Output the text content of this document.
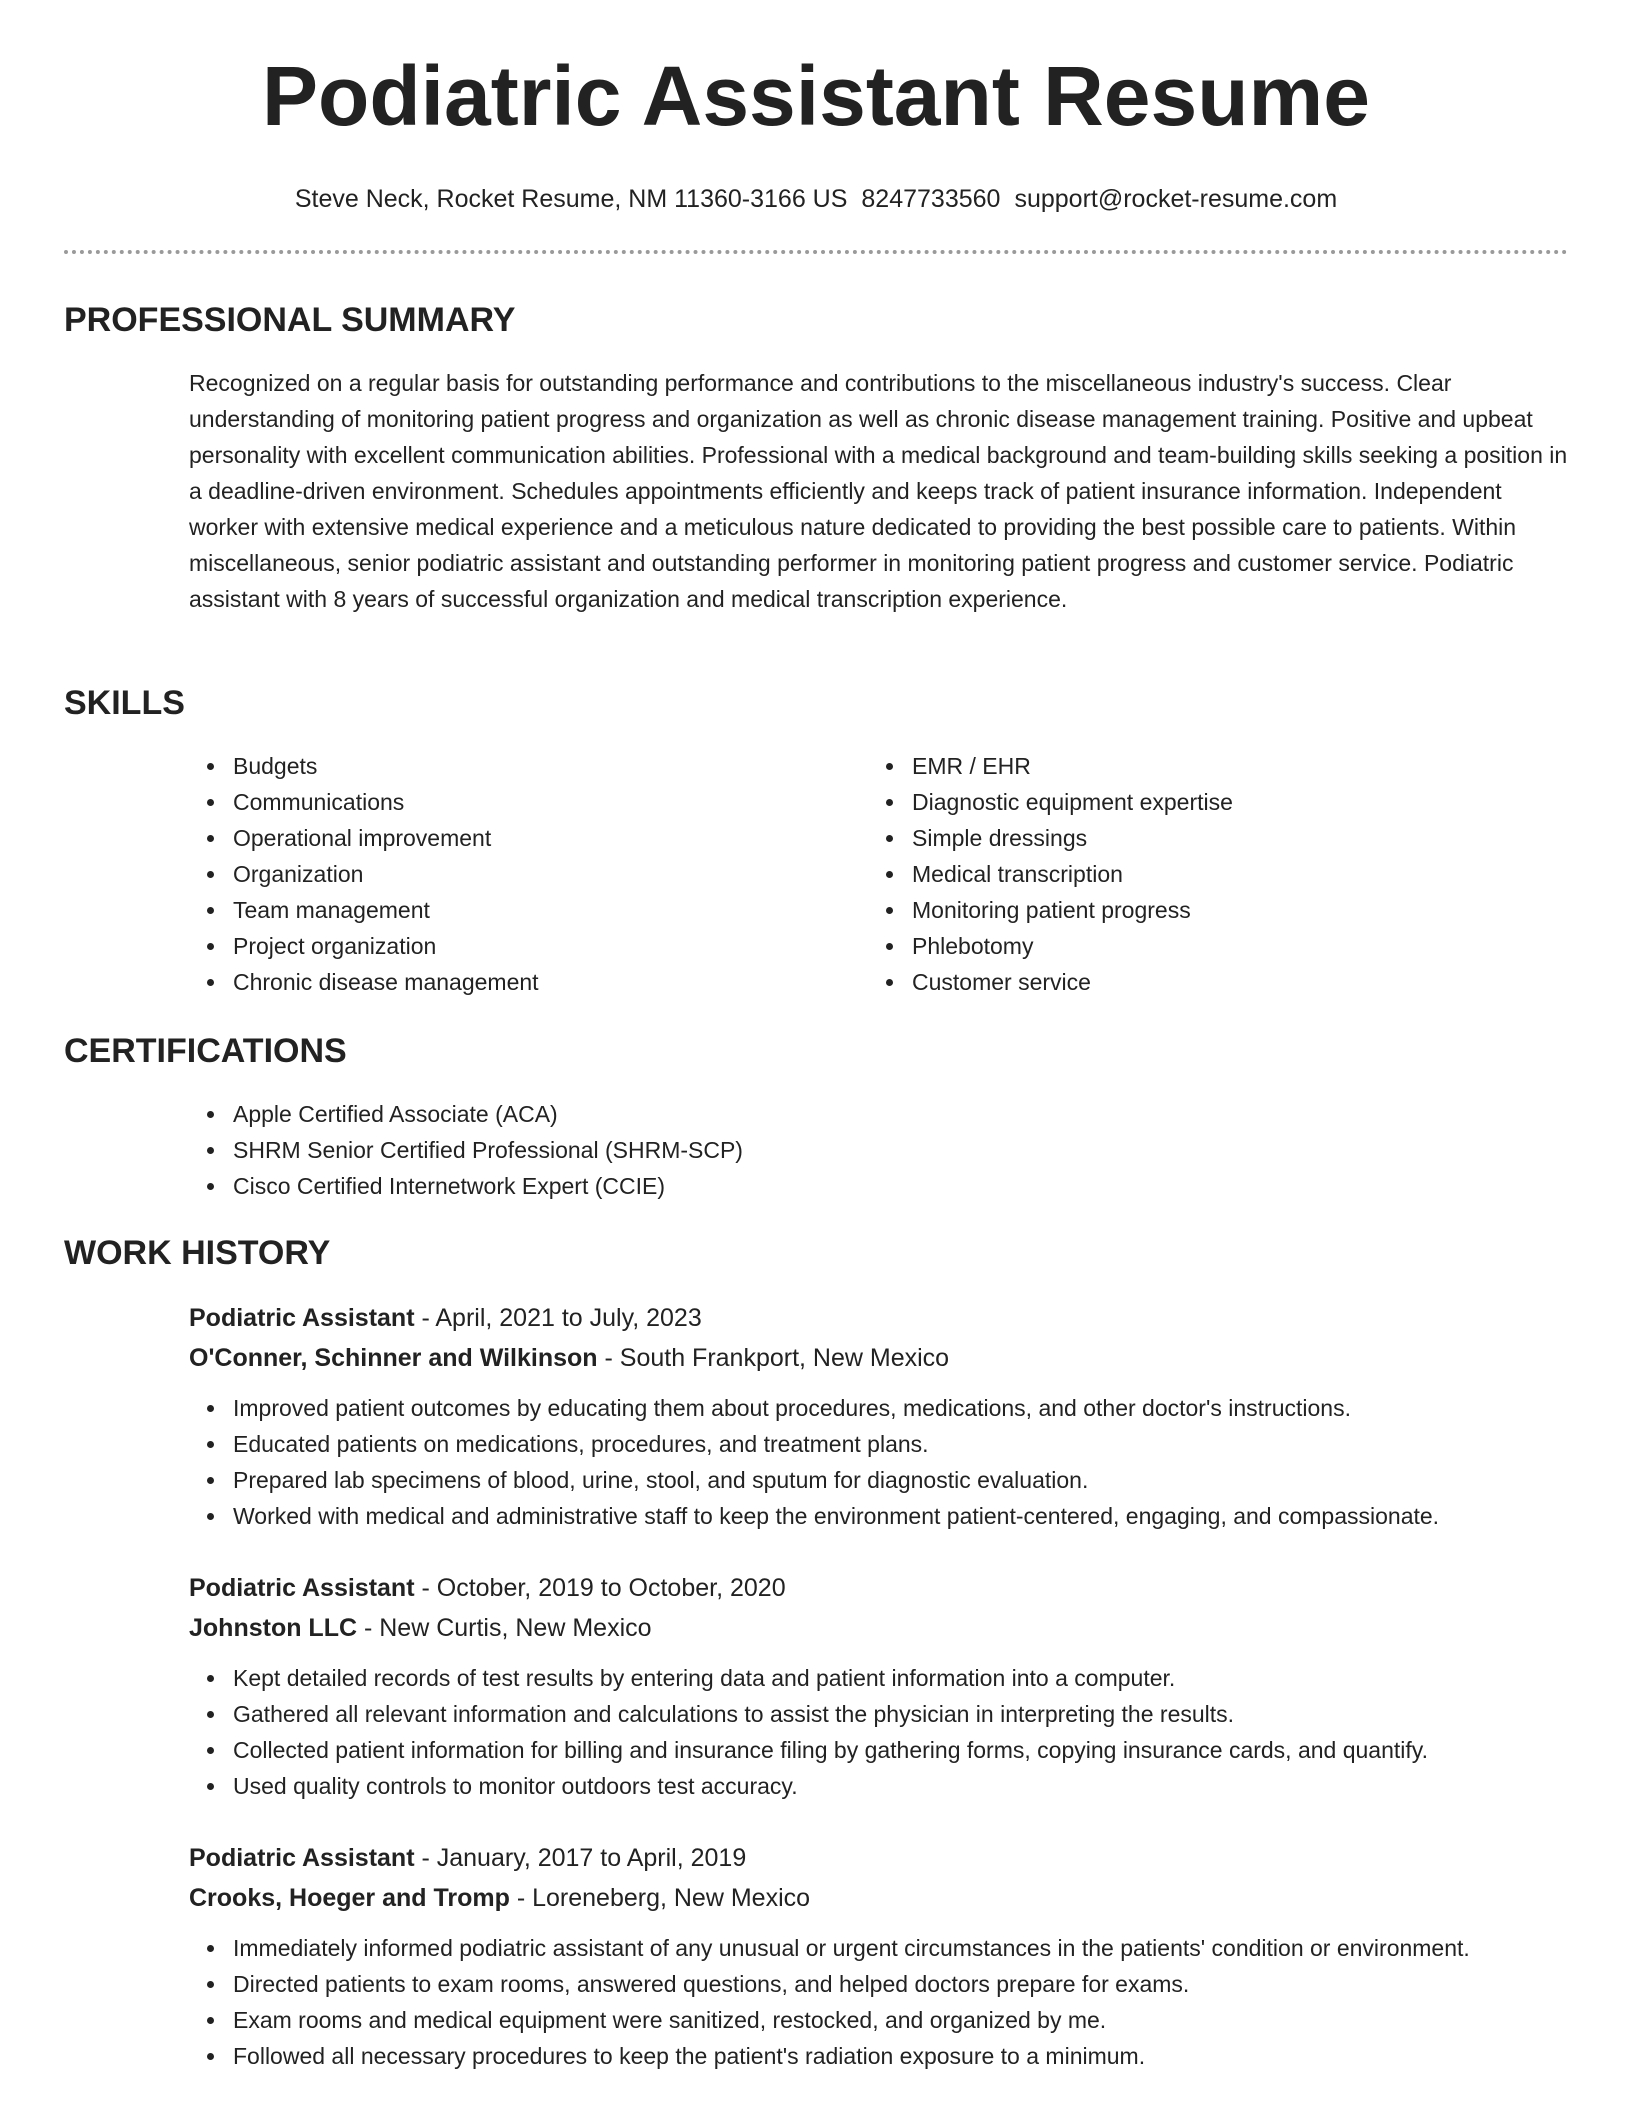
Podiatric Assistant Resume
Steve Neck, Rocket Resume, NM 11360-3166 US 8247733560 support@rocket-resume.com
PROFESSIONAL SUMMARY

Recognized on a regular basis for outstanding performance and contributions to the miscellaneous industry's success. Clear understanding of monitoring patient progress and organization as well as chronic disease management training. Positive and upbeat personality with excellent communication abilities. Professional with a medical background and team-building skills seeking a position in a deadline-driven environment. Schedules appointments efficiently and keeps track of patient insurance information. Independent worker with extensive medical experience and a meticulous nature dedicated to providing the best possible care to patients. Within miscellaneous, senior podiatric assistant and outstanding performer in monitoring patient progress and customer service. Podiatric assistant with 8 years of successful organization and medical transcription experience.

SKILLS
Budgets
Communications
Operational improvement
Organization
Team management
Project organization
Chronic disease management
EMR / EHR
Diagnostic equipment expertise
Simple dressings
Medical transcription
Monitoring patient progress
Phlebotomy
Customer service
CERTIFICATIONS
Apple Certified Associate (ACA)
SHRM Senior Certified Professional (SHRM-SCP)
Cisco Certified Internetwork Expert (CCIE)
WORK HISTORY
Podiatric Assistant - April, 2021 to July, 2023
O'Conner, Schinner and Wilkinson - South Frankport, New Mexico
Improved patient outcomes by educating them about procedures, medications, and other doctor's instructions.
Educated patients on medications, procedures, and treatment plans.
Prepared lab specimens of blood, urine, stool, and sputum for diagnostic evaluation.
Worked with medical and administrative staff to keep the environment patient-centered, engaging, and compassionate.
Podiatric Assistant - October, 2019 to October, 2020
Johnston LLC - New Curtis, New Mexico
Kept detailed records of test results by entering data and patient information into a computer.
Gathered all relevant information and calculations to assist the physician in interpreting the results.
Collected patient information for billing and insurance filing by gathering forms, copying insurance cards, and quantify.
Used quality controls to monitor outdoors test accuracy.
Podiatric Assistant - January, 2017 to April, 2019
Crooks, Hoeger and Tromp - Loreneberg, New Mexico
Immediately informed podiatric assistant of any unusual or urgent circumstances in the patients' condition or environment.
Directed patients to exam rooms, answered questions, and helped doctors prepare for exams.
Exam rooms and medical equipment were sanitized, restocked, and organized by me.
Followed all necessary procedures to keep the patient's radiation exposure to a minimum.
